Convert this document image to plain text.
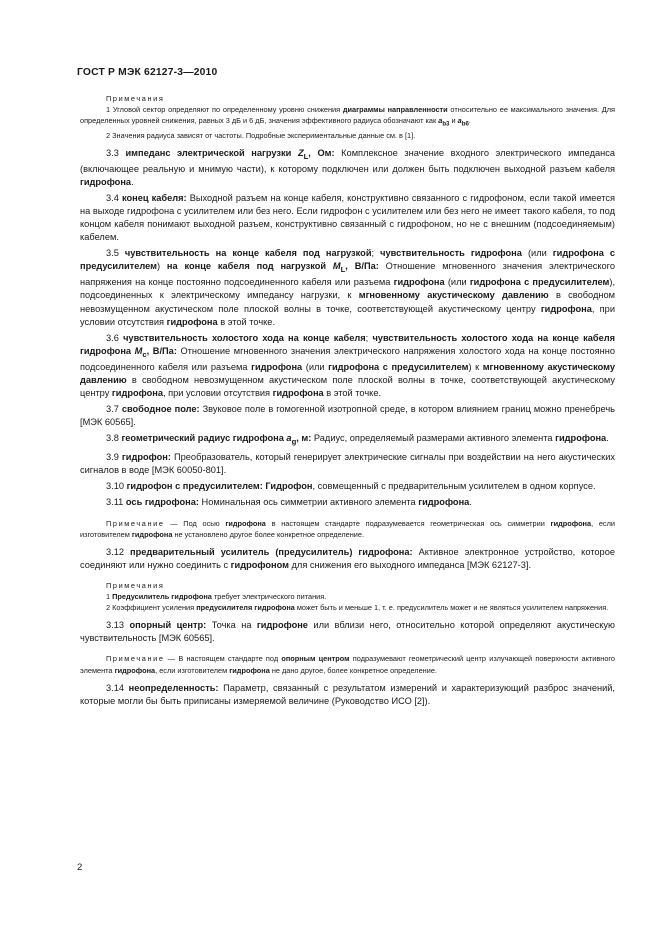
ГОСТ Р МЭК 62127-3—2010

Примечания

1 Угловой сектор определяют по определенному уровню снижения диаграммы направленности относительно ее максимального значения. Для определенных уровней снижения, равных 3 дБ и 6 дБ, значения эффективного радиуса обозначают как $a_{b3}$ и $a_{b6}$.

2 Значения радиуса зависят от частоты. Подробные экспериментальные данные см. в [1].

3.3 импеданс электрической нагрузки $Z_L$, Ом: Комплексное значение входного электрического импеданса (включающее реальную и мнимую части), к которому подключен или должен быть подключен выходной разъем кабеля гидрофона.

3.4 конец кабеля: Выходной разъем на конце кабеля, конструктивно связанного с гидрофоном, если такой имеется на выходе гидрофона с усилителем или без него. Если гидрофон с усилителем или без него не имеет такого кабеля, то под концом кабеля понимают выходной разъем, конструктивно связанный с гидрофоном, но не с внешним (подсоединяемым) кабелем.

3.5 чувствительность на конце кабеля под нагрузкой; чувствительность гидрофона (или гидрофона с предусилителем) на конце кабеля под нагрузкой $M_L$, В/Па: Отношение мгновенного значения электрического напряжения на конце постоянно подсоединенного кабеля или разъема гидрофона (или гидрофона с предусилителем), подсоединенных к электрическому импедансу нагрузки, к мгновенному акустическому давлению в свободном невозмущенном акустическом поле плоской волны в точке, соответствующей акустическому центру гидрофона, при условии отсутствия гидрофона в этой точке.

3.6 чувствительность холостого хода на конце кабеля; чувствительность холостого хода на конце кабеля гидрофона $M_c$, В/Па: Отношение мгновенного значения электрического напряжения холостого хода на конце постоянно подсоединенного кабеля или разъема гидрофона (или гидрофона с предусилителем) к мгновенному акустическому давлению в свободном невозмущенном акустическом поле плоской волны в точке, соответствующей акустическому центру гидрофона, при условии отсутствия гидрофона в этой точке.

3.7 свободное поле: Звуковое поле в гомогенной изотропной среде, в котором влиянием границ можно пренебречь [МЭК 60565].

3.8 геометрический радиус гидрофона $a_g$, м: Радиус, определяемый размерами активного элемента гидрофона.

3.9 гидрофон: Преобразователь, который генерирует электрические сигналы при воздействии на него акустических сигналов в воде [МЭК 60050-801].

3.10 гидрофон с предусилителем: Гидрофон, совмещенный с предварительным усилителем в одном корпусе.

3.11 ось гидрофона: Номинальная ось симметрии активного элемента гидрофона.

Примечание — Под осью гидрофона в настоящем стандарте подразумевается геометрическая ось симметрии гидрофона, если изготовителем гидрофона не установлено другое более конкретное определение.

3.12 предварительный усилитель (предусилитель) гидрофона: Активное электронное устройство, которое соединяют или нужно соединить с гидрофоном для снижения его выходного импеданса [МЭК 62127-3].

Примечания

1 Предусилитель гидрофона требует электрического питания.

2 Коэффициент усиления предусилителя гидрофона может быть и меньше 1, т. е. предусилитель может и не являться усилителем напряжения.

3.13 опорный центр: Точка на гидрофоне или вблизи него, относительно которой определяют акустическую чувствительность [МЭК 60565].

Примечание — В настоящем стандарте под опорным центром подразумевают геометрический центр излучающей поверхности активного элемента гидрофона, если изготовителем гидрофона не дано другое, более конкретное определение.

3.14 неопределенность: Параметр, связанный с результатом измерений и характеризующий разброс значений, которые могли бы быть приписаны измеряемой величине (Руководство ИСО [2]).

2
